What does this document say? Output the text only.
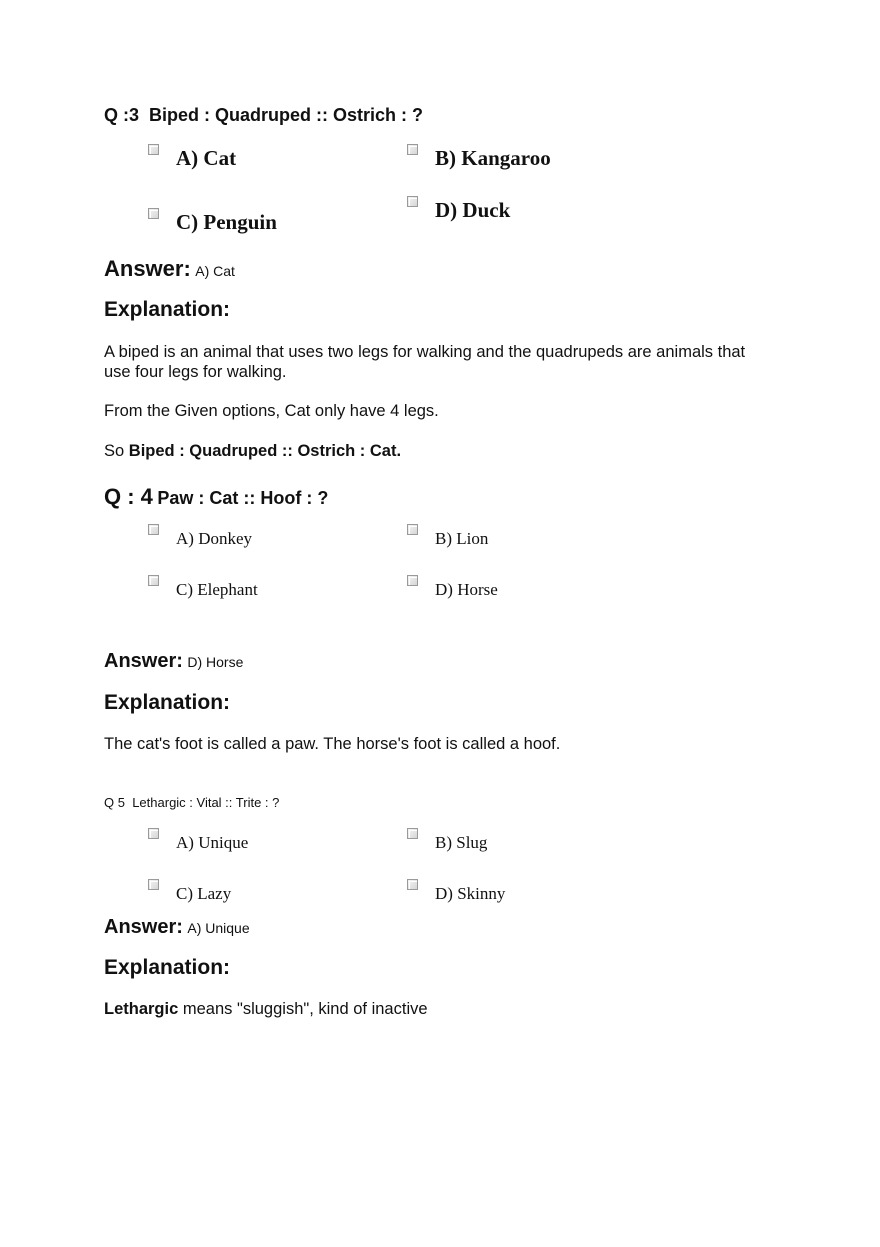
Q :3 Biped : Quadruped :: Ostrich : ?
A) Cat	B) Kangaroo
C) Penguin	D) Duck
Answer: A) Cat
Explanation:
A biped is an animal that uses two legs for walking and the quadrupeds are animals that
use four legs for walking.
From the Given options, Cat only have 4 legs.
So Biped : Quadruped :: Ostrich : Cat.
Q : 4 Paw : Cat :: Hoof : ?
A) Donkey	B) Lion
C) Elephant	D) Horse
Answer: D) Horse
Explanation:
The cat's foot is called a paw. The horse's foot is called a hoof.
Q 5 Lethargic : Vital :: Trite : ?
A) Unique	B) Slug
C) Lazy	D) Skinny
Answer: A) Unique
Explanation:
Lethargic means "sluggish", kind of inactive
